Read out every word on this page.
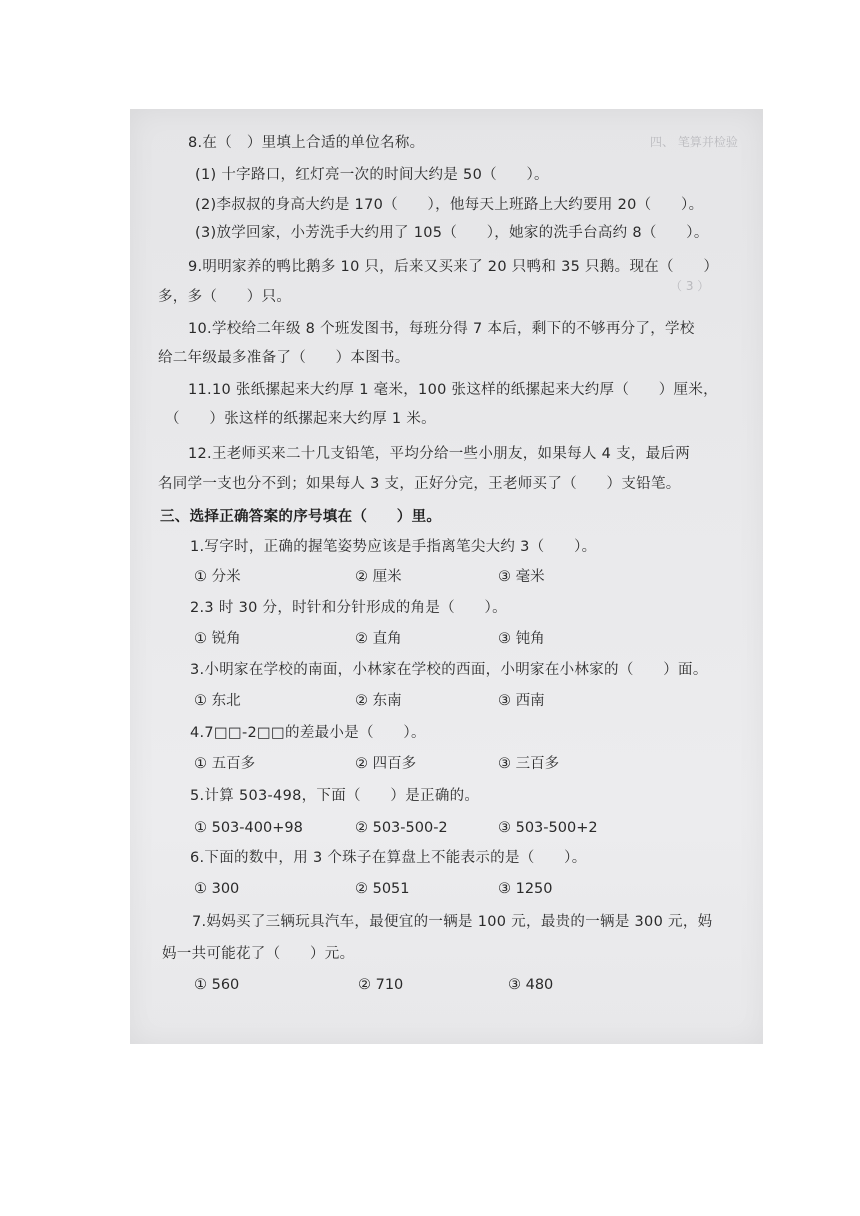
四、 笔算并检验
（ 3 ）
8.在（　）里填上合适的单位名称。
(1) 十字路口，红灯亮一次的时间大约是 50（　　）。
(2)李叔叔的身高大约是 170（　　），他每天上班路上大约要用 20（　　）。
(3)放学回家，小芳洗手大约用了 105（　　），她家的洗手台高约 8（　　）。
9.明明家养的鸭比鹅多 10 只，后来又买来了 20 只鸭和 35 只鹅。现在（　　）
多，多（　　）只。
10.学校给二年级 8 个班发图书，每班分得 7 本后，剩下的不够再分了，学校
给二年级最多准备了（　　）本图书。
11.10 张纸摞起来大约厚 1 毫米，100 张这样的纸摞起来大约厚（　　）厘米，
（　　）张这样的纸摞起来大约厚 1 米。
12.王老师买来二十几支铅笔，平均分给一些小朋友，如果每人 4 支，最后两
名同学一支也分不到；如果每人 3 支，正好分完，王老师买了（　　）支铅笔。
三、选择正确答案的序号填在（　　）里。
1.写字时，正确的握笔姿势应该是手指离笔尖大约 3（　　）。
① 分米	② 厘米	③ 毫米
2.3 时 30 分，时针和分针形成的角是（　　）。
① 锐角	② 直角	③ 钝角
3.小明家在学校的南面，小林家在学校的西面，小明家在小林家的（　　）面。
① 东北	② 东南	③ 西南
4.7□□-2□□的差最小是（　　）。
① 五百多	② 四百多	③ 三百多
5.计算 503-498，下面（　　）是正确的。
① 503-400+98	② 503-500-2	③ 503-500+2
6.下面的数中，用 3 个珠子在算盘上不能表示的是（　　）。
① 300	② 5051	③ 1250
7.妈妈买了三辆玩具汽车，最便宜的一辆是 100 元，最贵的一辆是 300 元，妈
妈一共可能花了（　　）元。
① 560	② 710	③ 480
